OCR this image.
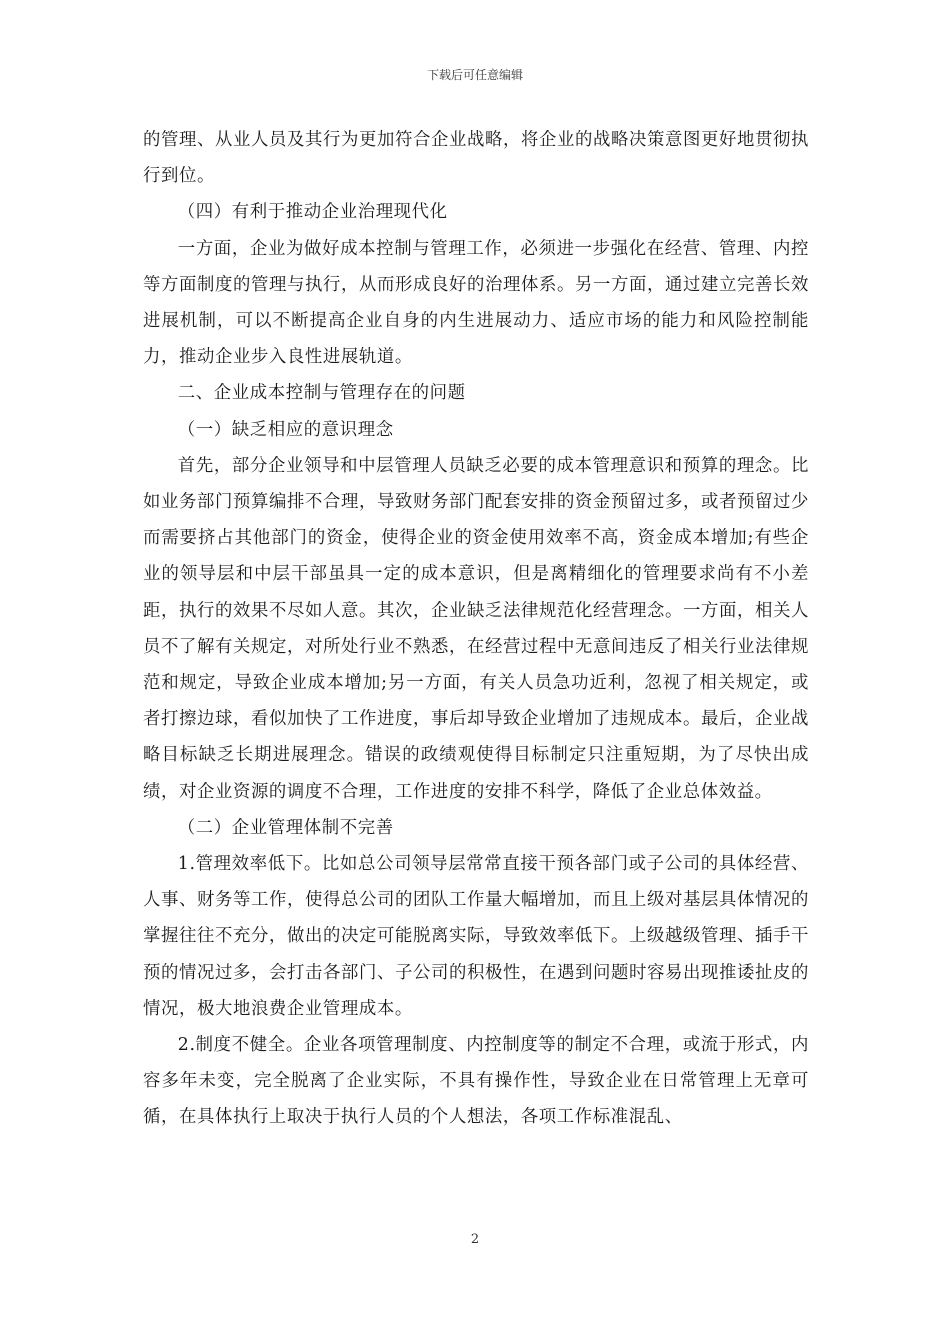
下载后可任意编辑

的管理、从业人员及其行为更加符合企业战略，将企业的战略决策意图更好地贯彻执行到位。

（四）有利于推动企业治理现代化

一方面，企业为做好成本控制与管理工作，必须进一步强化在经营、管理、内控等方面制度的管理与执行，从而形成良好的治理体系。另一方面，通过建立完善长效进展机制，可以不断提高企业自身的内生进展动力、适应市场的能力和风险控制能力，推动企业步入良性进展轨道。

二、企业成本控制与管理存在的问题

（一）缺乏相应的意识理念

首先，部分企业领导和中层管理人员缺乏必要的成本管理意识和预算的理念。比如业务部门预算编排不合理，导致财务部门配套安排的资金预留过多，或者预留过少而需要挤占其他部门的资金，使得企业的资金使用效率不高，资金成本增加;有些企业的领导层和中层干部虽具一定的成本意识，但是离精细化的管理要求尚有不小差距，执行的效果不尽如人意。其次，企业缺乏法律规范化经营理念。一方面，相关人员不了解有关规定，对所处行业不熟悉，在经营过程中无意间违反了相关行业法律规范和规定，导致企业成本增加;另一方面，有关人员急功近利，忽视了相关规定，或者打擦边球，看似加快了工作进度，事后却导致企业增加了违规成本。最后，企业战略目标缺乏长期进展理念。错误的政绩观使得目标制定只注重短期，为了尽快出成绩，对企业资源的调度不合理，工作进度的安排不科学，降低了企业总体效益。

（二）企业管理体制不完善

1.管理效率低下。比如总公司领导层常常直接干预各部门或子公司的具体经营、人事、财务等工作，使得总公司的团队工作量大幅增加，而且上级对基层具体情况的掌握往往不充分，做出的决定可能脱离实际，导致效率低下。上级越级管理、插手干预的情况过多，会打击各部门、子公司的积极性，在遇到问题时容易出现推诿扯皮的情况，极大地浪费企业管理成本。

2.制度不健全。企业各项管理制度、内控制度等的制定不合理，或流于形式，内容多年未变，完全脱离了企业实际，不具有操作性，导致企业在日常管理上无章可循，在具体执行上取决于执行人员的个人想法，各项工作标准混乱、

2
